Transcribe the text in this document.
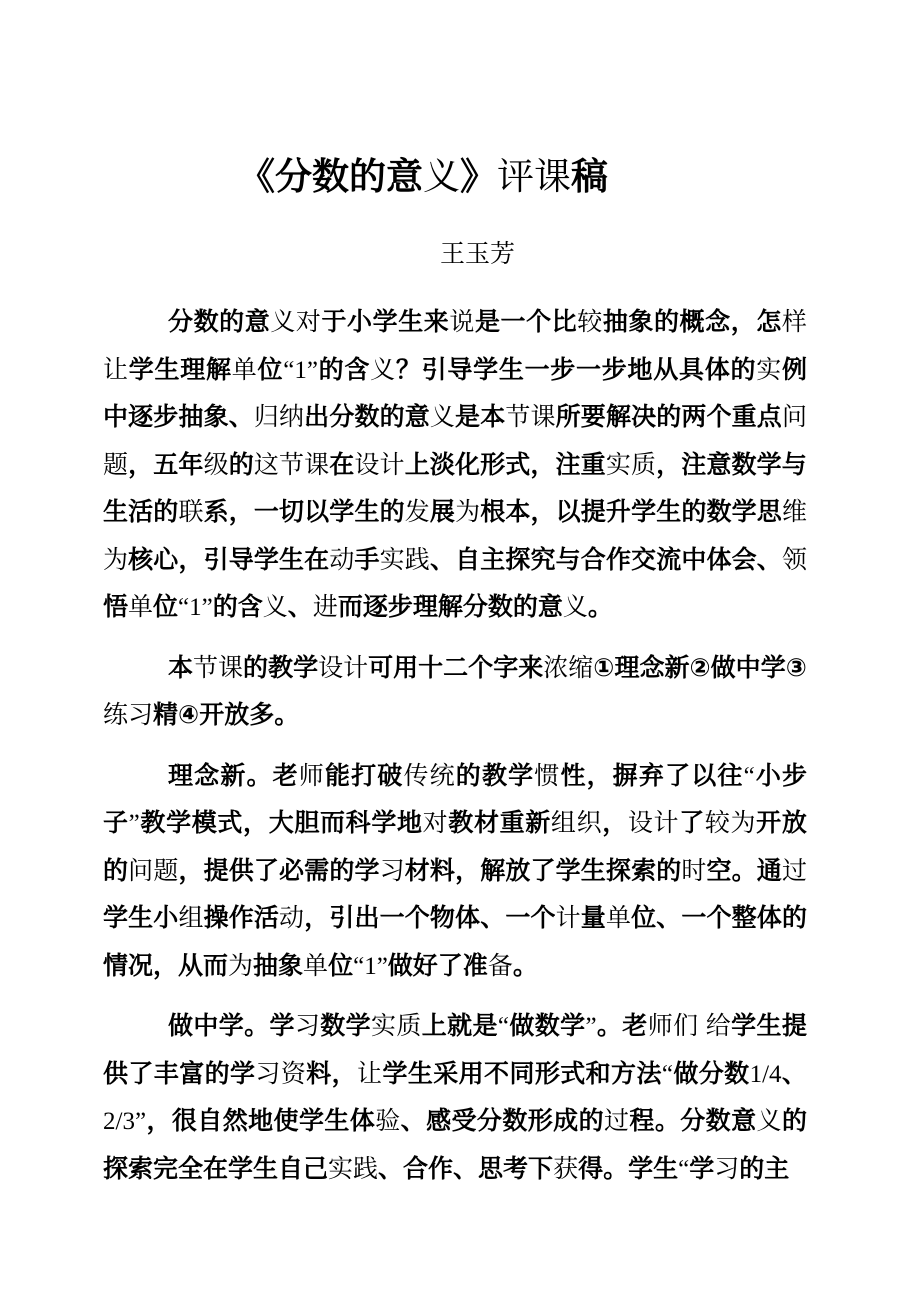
《分数的意义》评课稿
王玉芳

分数的意义对于小学生来说是一个比较抽象的概念，怎样让学生理解单位“1”的含义？引导学生一步一步地从具体的实例中逐步抽象、归纳出分数的意义是本节课所要解决的两个重点问题，五年级的这节课在设计上淡化形式，注重实质，注意数学与生活的联系，一切以学生的发展为根本，以提升学生的数学思维为核心，引导学生在动手实践、自主探究与合作交流中体会、领悟单位“1”的含义、进而逐步理解分数的意义。

本节课的教学设计可用十二个字来浓缩①理念新②做中学③练习精④开放多。

理念新。老师能打破传统的教学惯性，摒弃了以往“小步子”教学模式，大胆而科学地对教材重新组织，设计了较为开放的问题，提供了必需的学习材料，解放了学生探索的时空。通过学生小组操作活动，引出一个物体、一个计量单位、一个整体的情况，从而为抽象单位“1”做好了准备。

做中学。学习数学实质上就是“做数学”。老师们 给学生提供了丰富的学习资料，让学生采用不同形式和方法“做分数1/4、2/3”，很自然地使学生体验、感受分数形成的过程。分数意义的探索完全在学生自己实践、合作、思考下获得。学生“学习的主
